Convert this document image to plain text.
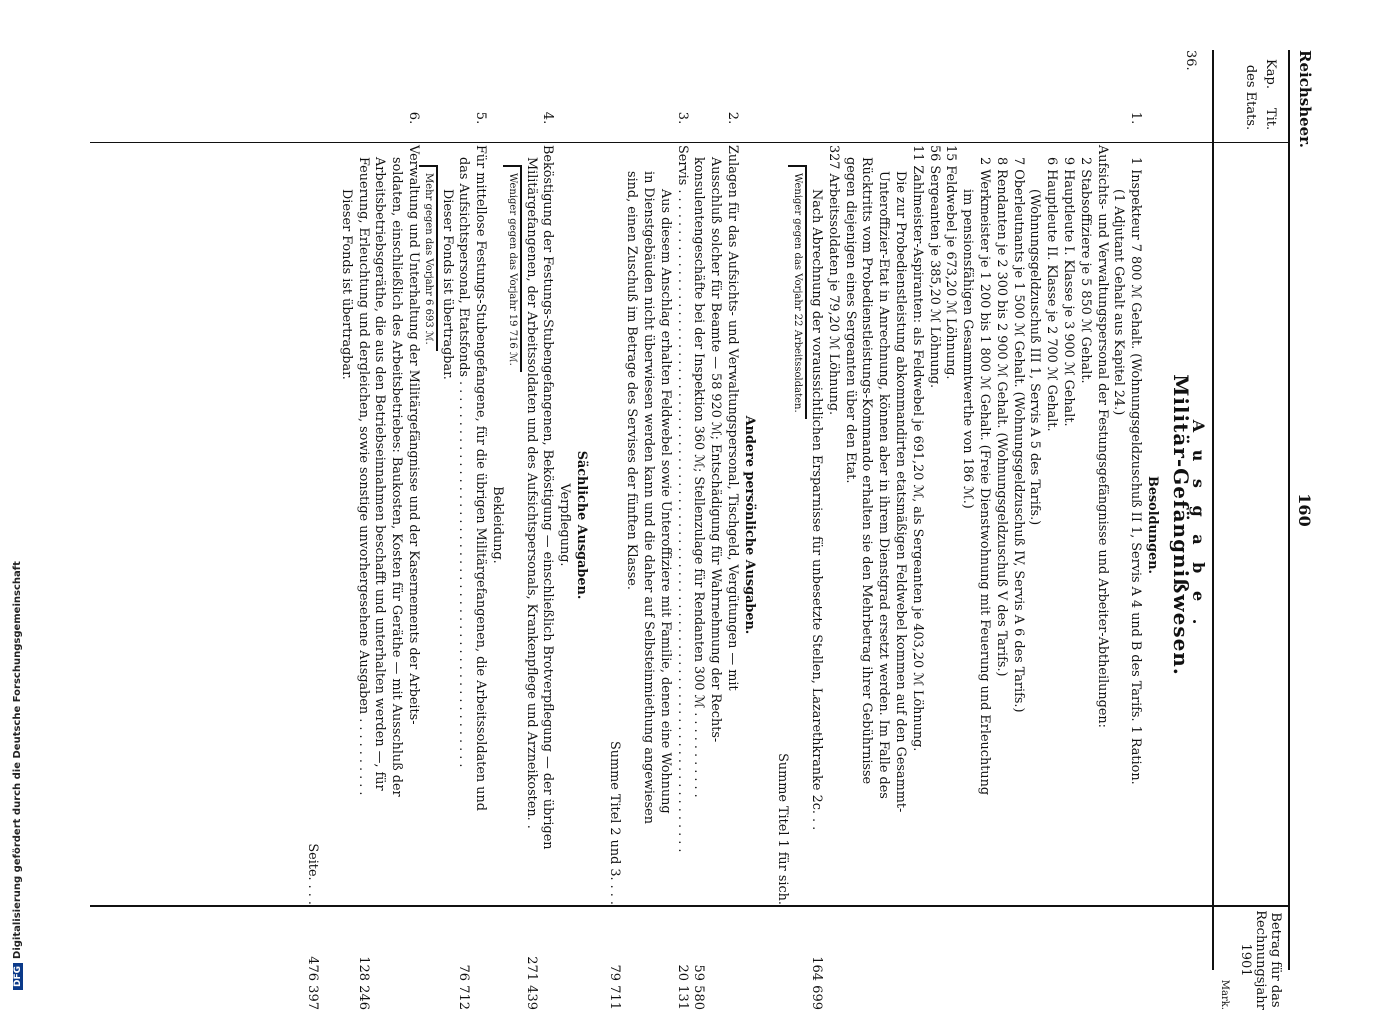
DFGDigitalisierung gefördert durch die Deutsche Forschungsgemeinschaft
Reichsheer.
160
Kap.
Tit.
des Etats.
Betrag für das Rechnungsjahr 1901
Mark.
36.
A u s g a b e .
Militär-Gefängnißwesen.
1.
2.
3.
4.
5.
6.
Besoldungen.
1 Inspekteur 7 800 ℳ Gehalt. (Wohnungsgeldzuschuß II 1, Servis A 4 und B des Tarifs. 1 Ration.
(1 Adjutant Gehalt aus Kapitel 24.)
Aufsichts- und Verwaltungspersonal der Festungsgefängnisse und Arbeiter-Abtheilungen:
2 Stabsoffiziere je 5 850 ℳ Gehalt.
9 Hauptleute I. Klasse je 3 900 ℳ Gehalt.
6 Hauptleute II. Klasse je 2 700 ℳ Gehalt.
(Wohnungsgeldzuschuß III 1, Servis A 5 des Tarifs.)
7 Oberleutnants je 1 500 ℳ Gehalt. (Wohnungsgeldzuschuß IV, Servis A 6 des Tarifs.)
8 Rendanten je 2 300 bis 2 900 ℳ Gehalt. (Wohnungsgeldzuschuß V des Tarifs.)
2 Werkmeister je 1 200 bis 1 800 ℳ Gehalt. (Freie Dienstwohnung mit Feuerung und Erleuchtung
im pensionsfähigen Gesammtwerthe von 186 ℳ.)
15 Feldwebel je 673,20 ℳ Löhnung.
56 Sergeanten je 385,20 ℳ Löhnung.
11 Zahlmeister-Aspiranten: als Feldwebel je 691,20 ℳ, als Sergeanten je 403,20 ℳ Löhnung.
Die zur Probedienstleistung abkommandirten etatsmäßigen Feldwebel kommen auf den Gesammt-
Unteroffizier-Etat in Anrechnung, können aber in ihrem Dienstgrad ersetzt werden. Im Falle des
Rücktritts vom Probedienstleistungs-Kommando erhalten sie den Mehrbetrag ihrer Gebührnisse
gegen diejenigen eines Sergeanten über den Etat.
327 Arbeitssoldaten je 79,20 ℳ Löhnung.
Nach Abrechnung der voraussichtlichen Ersparnisse für unbesetzte Stellen, Lazarethkranke 2c. . .
Weniger gegen das Vorjahr 22 Arbeitssoldaten.
Summe Titel 1 für sich.
Andere persönliche Ausgaben.
Zulagen für das Aufsichts- und Verwaltungspersonal, Tischgeld, Vergütungen — mit
Ausschluß solcher für Beamte — 58 920 ℳ; Entschädigung für Wahrnehmung der Rechts-
konsulentengeschäfte bei der Inspektion 360 ℳ; Stellenzulage für Rendanten 300 ℳ . . . . . . . . . . .
Servis . . . . . . . . . . . . . . . . . . . . . . . . . . . . . . . . . . . . . . . . . . . . . . . . . . . . . . . . . . . . . . . . . . . . . . . . . . . . . . . . . .
Aus diesem Anschlag erhalten Feldwebel sowie Unteroffiziere mit Familie, denen eine Wohnung
in Dienstgebäuden nicht überwiesen werden kann und die daher auf Selbsteinmiethung angewiesen
sind, einen Zuschuß im Betrage des Servises der fünften Klasse.
Summe Titel 2 und 3. . . .
Sächliche Ausgaben.
Verpflegung.
Beköstigung der Festungs-Stubengefangenen, Beköstigung — einschließlich Brotverpflegung — der übrigen
Militärgefangenen, der Arbeitssoldaten und des Aufsichtspersonals, Krankenpflege und Arzneikosten. .
Weniger gegen das Vorjahr 19 716 ℳ.
Bekleidung.
Für mittellose Festungs-Stubengefangene, für die übrigen Militärgefangenen, die Arbeitssoldaten und
das Aufsichtspersonal, Etatsfonds . . . . . . . . . . . . . . . . . . . . . . . . . . . . . . . . . . . . . . . . . . . . . . . .
Dieser Fonds ist übertragbar.
Mehr gegen das Vorjahr 6 693 ℳ.
Verwaltung und Unterhaltung der Militärgefängnisse und der Kasernements der Arbeits-
soldaten, einschließlich des Arbeitsbetriebes: Baukosten, Kosten für Geräthe — mit Ausschluß der
Arbeitsbetriebsgeräthe, die aus den Betriebseinnahmen beschafft und unterhalten werden —, für
Feuerung, Erleuchtung und dergleichen, sowie sonstige unvorhergesehene Ausgaben . . . . . . . . . .
Dieser Fonds ist übertragbar.
Seite. . . .
164 699
59 580
20 131
79 711
271 439
76 712
128 246
476 397
